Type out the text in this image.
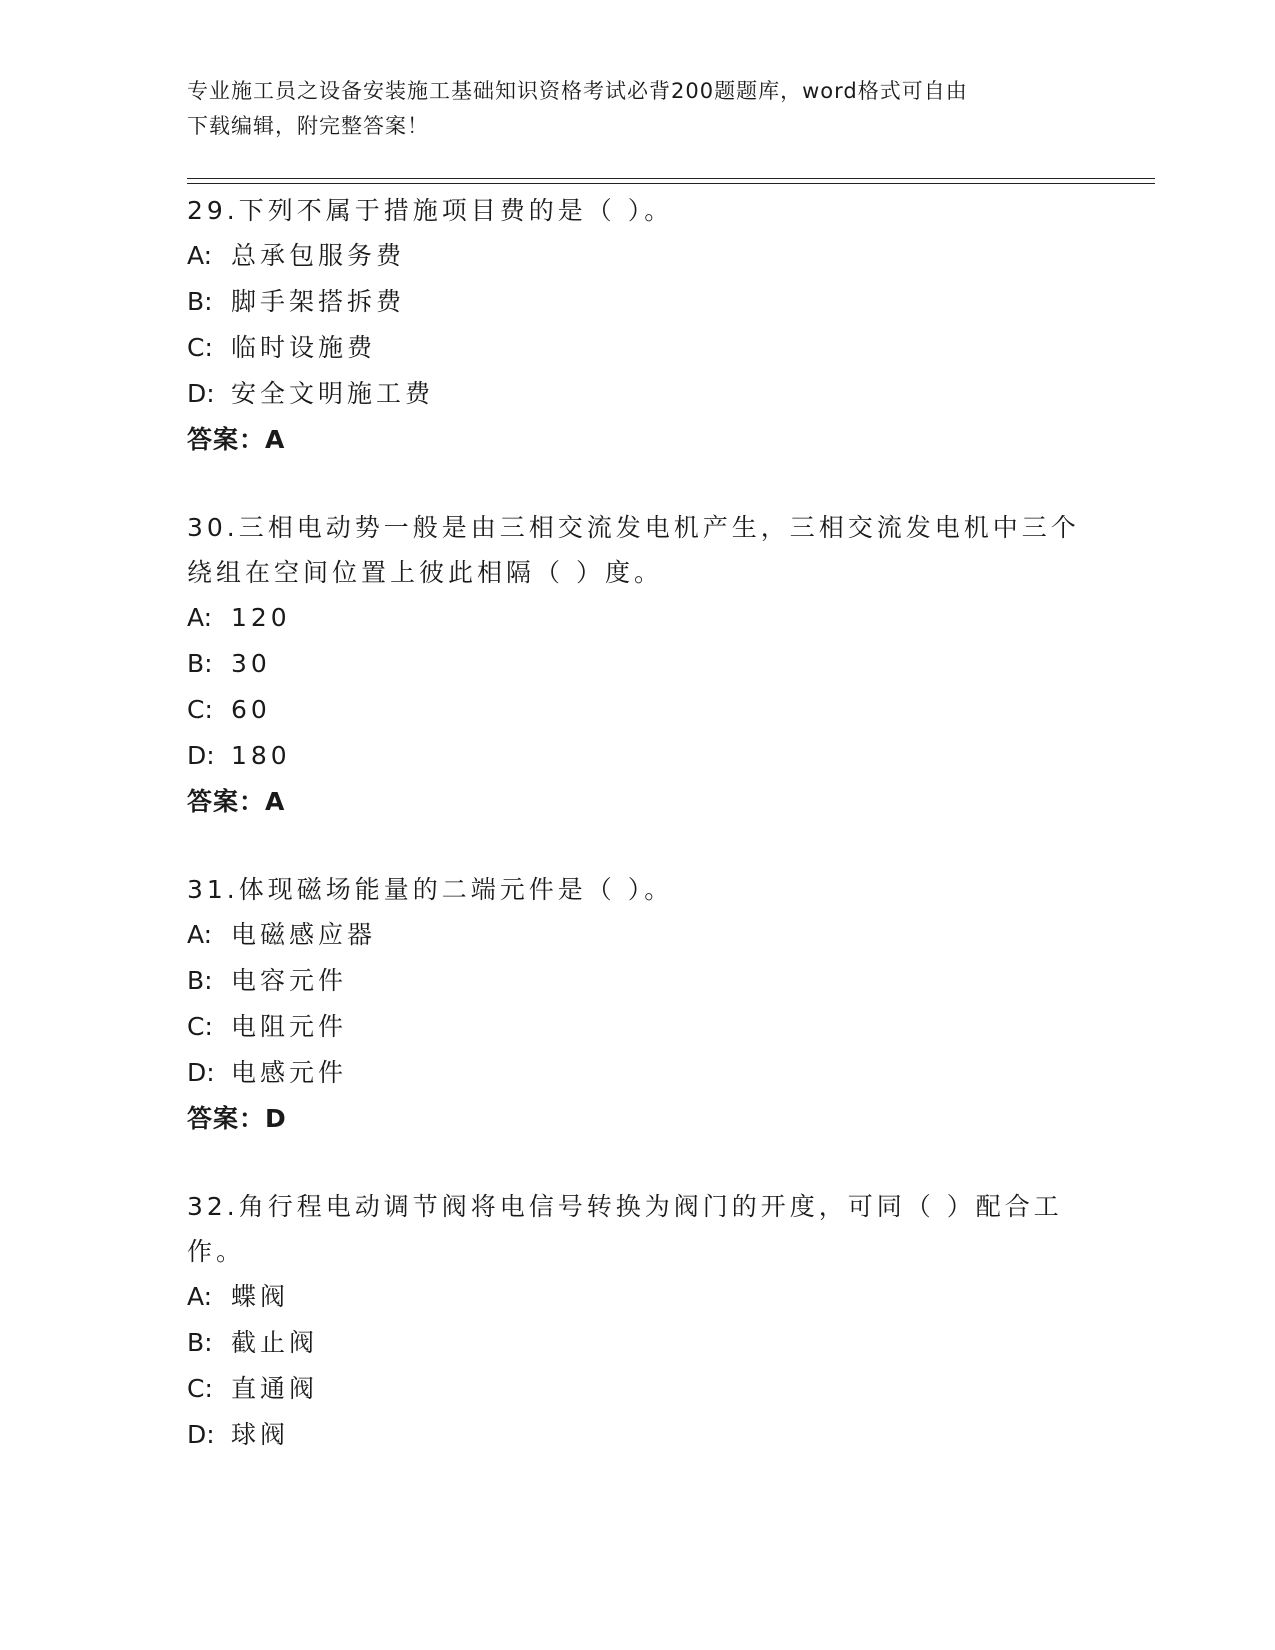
专业施工员之设备安装施工基础知识资格考试必背200题题库，word格式可自由
下载编辑，附完整答案！
29.下列不属于措施项目费的是（ ）。
A: 总承包服务费
B: 脚手架搭拆费
C: 临时设施费
D: 安全文明施工费
答案：A
30.三相电动势一般是由三相交流发电机产生，三相交流发电机中三个
绕组在空间位置上彼此相隔（ ）度。
A: 120
B: 30
C: 60
D: 180
答案：A
31.体现磁场能量的二端元件是（ ）。
A: 电磁感应器
B: 电容元件
C: 电阻元件
D: 电感元件
答案：D
32.角行程电动调节阀将电信号转换为阀门的开度，可同（ ）配合工
作。
A: 蝶阀
B: 截止阀
C: 直通阀
D: 球阀
